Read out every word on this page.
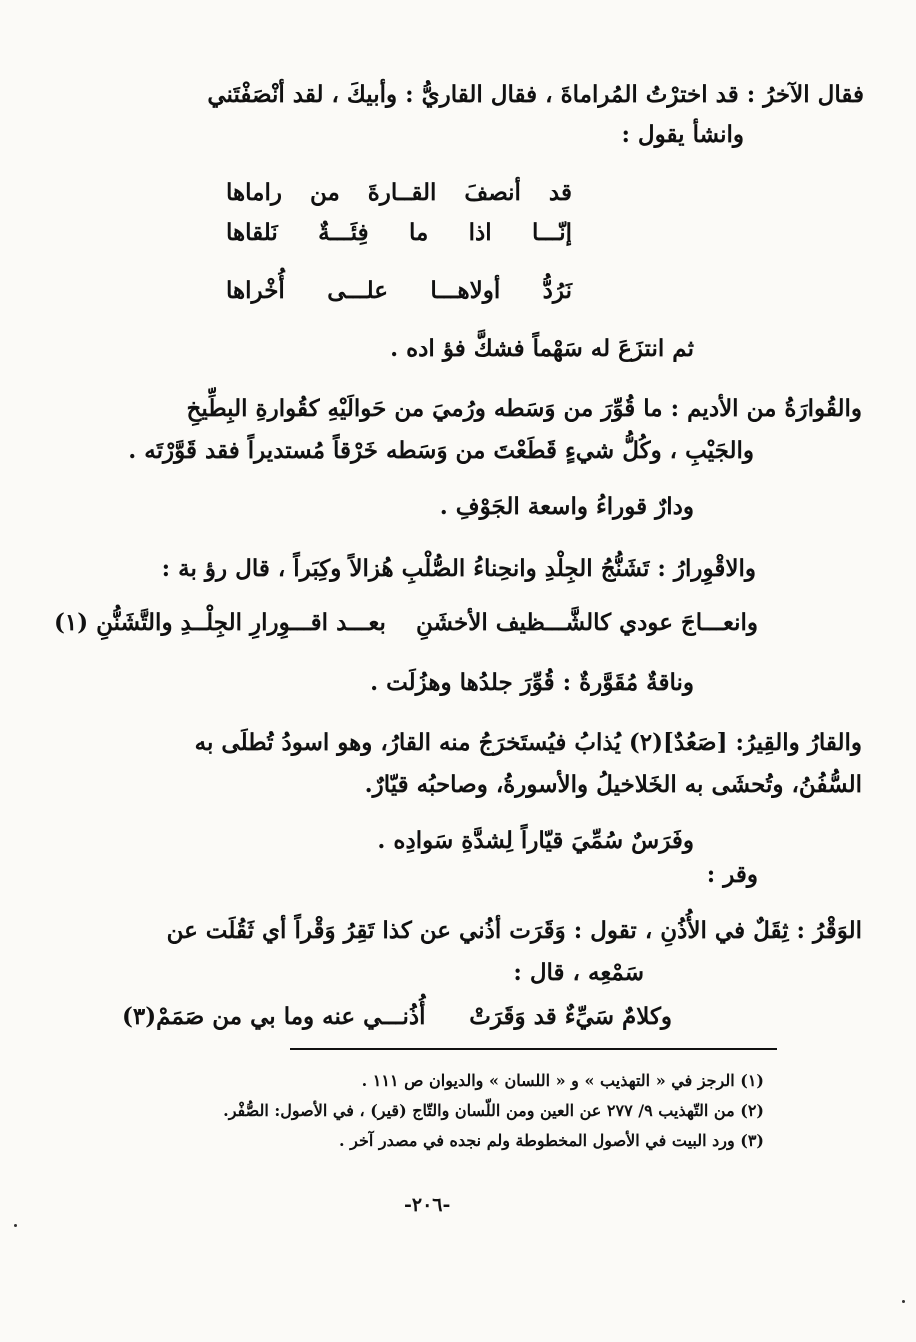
فقال الآخرُ : قد اخترْتُ المُراماةَ ، فقال القاريُّ : وأبيكَ ، لقد أنْصَفْتَني
وانشأ يقول :
قد
أنصفَ
القــارةَ
من
راماها
إنّـــا
اذا
ما
فِئَـــةٌ
نَلقاها
نَرُدُّ
أولاهـــا
علـــى
أُخْراها
ثم انتزَعَ له سَهْماً فشكَّ فؤ اده .
والقُوارَةُ من الأديم : ما قُوِّرَ من وَسَطه ورُميَ من حَوالَيْهِ كقُوارةِ البِطِّيخِ
والجَيْبِ ، وكُلُّ شيءٍ قَطَعْتَ من وَسَطه خَرْقاً مُستديراً فقد قَوَّرْتَه .
ودارٌ قوراءُ واسعة الجَوْفِ .
والاقْوِرارُ : تَشَنُّجُ الجِلْدِ وانحِناءُ الصُّلْبِ هُزالاً وكِبَراً ، قال رؤ بة :
وانعـــاجَ عودي كالشَّـــظيف الأخشَنِ
بعـــد اقـــوِرارِ الجِلْــدِ والتَّشَنُّنِ (١)
وناقةٌ مُقَوَّرةٌ : قُوِّرَ جلدُها وهزُلَت .
والقارُ والقِيرُ: [صَعُدٌ](٢) يُذابُ فيُستَخرَجُ منه القارُ، وهو اسودُ تُطلَى به
السُّفُنُ، وتُحشَى به الخَلاخيلُ والأسورةُ، وصاحبُه قيّارٌ.
وفَرَسٌ سُمِّيَ قيّاراً لِشدَّةِ سَوادِه .
وقر :
الوَقْرُ : ثِقَلٌ في الأُذُنِ ، تقول : وَقَرَت أذُني عن كذا تَقِرُ وَقْراً أي ثَقُلَت عن
سَمْعِه ، قال :
وكلامٌ سَيِّءٌ قد وَقَرَتْ
أُذُنـــي عنه وما بي من صَمَمْ(٣)
(١) الرجز في « التهذيب » و « اللسان » والديوان ص ١١١ .
(٢) من التّهذيب ٩/ ٢٧٧ عن العين ومن اللّسان والتّاج (قير) ، في الأصول: الصُّفْر.
(٣) ورد البيت في الأصول المخطوطة ولم نجده في مصدر آخر .
-٢٠٦-
